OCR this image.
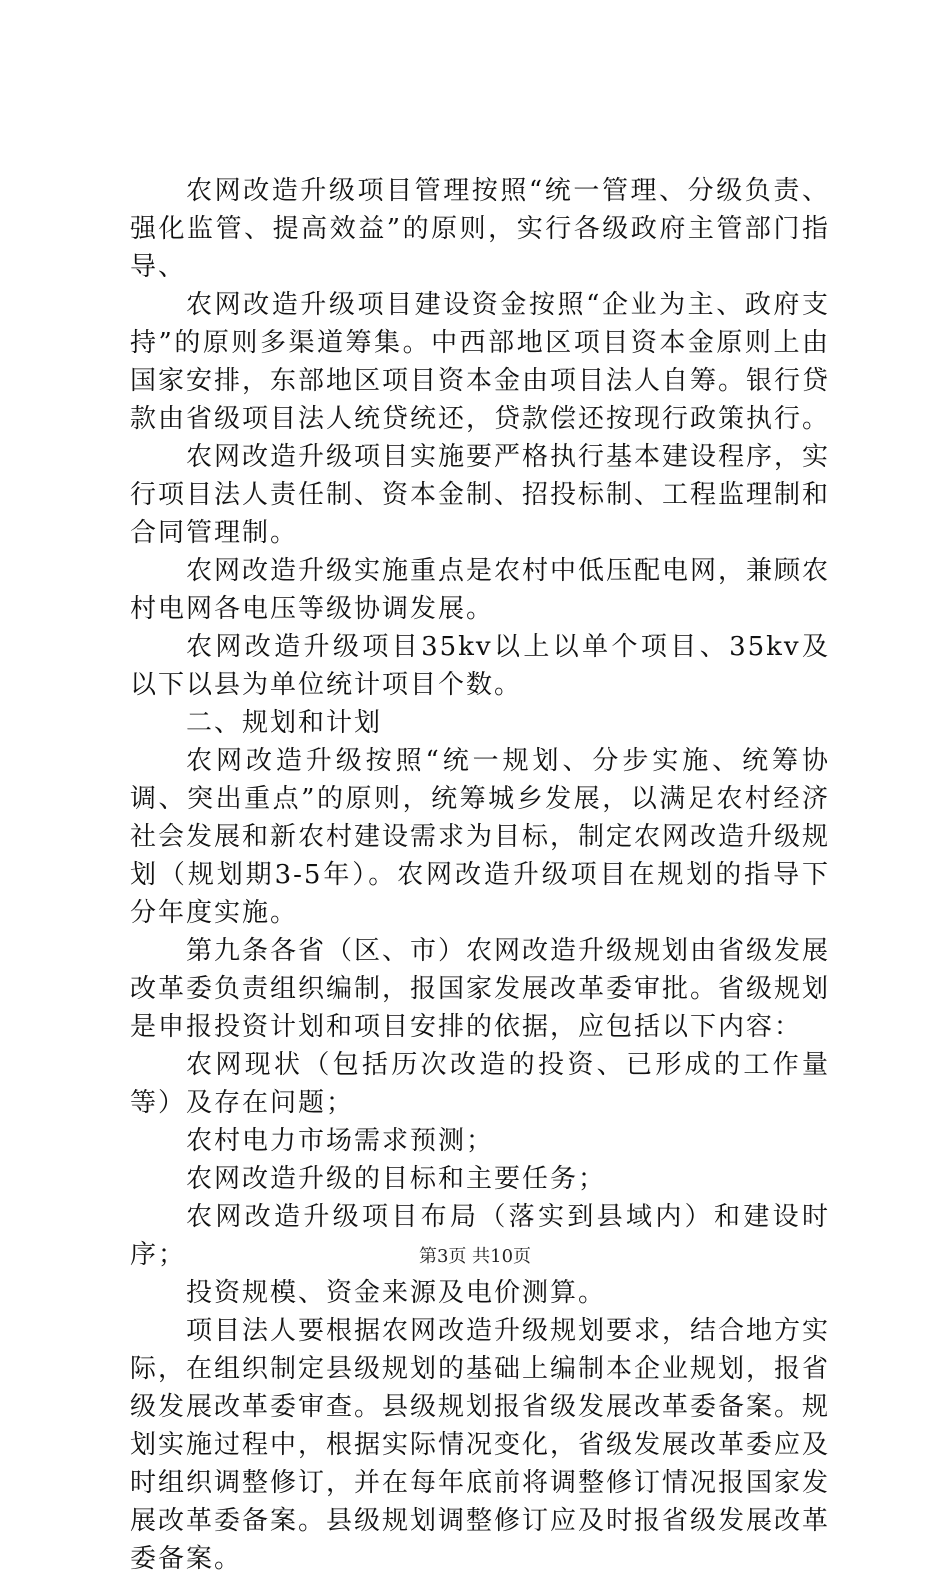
农网改造升级项目管理按照“统一管理、分级负责、强化监管、提高效益”的原则，实行各级政府主管部门指导、

农网改造升级项目建设资金按照“企业为主、政府支持”的原则多渠道筹集。中西部地区项目资本金原则上由国家安排，东部地区项目资本金由项目法人自筹。银行贷款由省级项目法人统贷统还，贷款偿还按现行政策执行。

农网改造升级项目实施要严格执行基本建设程序，实行项目法人责任制、资本金制、招投标制、工程监理制和合同管理制。

农网改造升级实施重点是农村中低压配电网，兼顾农村电网各电压等级协调发展。

农网改造升级项目35kv以上以单个项目、35kv及以下以县为单位统计项目个数。

二、规划和计划

农网改造升级按照“统一规划、分步实施、统筹协调、突出重点”的原则，统筹城乡发展，以满足农村经济社会发展和新农村建设需求为目标，制定农网改造升级规划（规划期3-5年）。农网改造升级项目在规划的指导下分年度实施。

第九条各省（区、市）农网改造升级规划由省级发展改革委负责组织编制，报国家发展改革委审批。省级规划是申报投资计划和项目安排的依据，应包括以下内容：

农网现状（包括历次改造的投资、已形成的工作量等）及存在问题；

农村电力市场需求预测；

农网改造升级的目标和主要任务；

农网改造升级项目布局（落实到县域内）和建设时序；

投资规模、资金来源及电价测算。

项目法人要根据农网改造升级规划要求，结合地方实际，在组织制定县级规划的基础上编制本企业规划，报省级发展改革委审查。县级规划报省级发展改革委备案。规划实施过程中，根据实际情况变化，省级发展改革委应及时组织调整修订，并在每年底前将调整修订情况报国家发展改革委备案。县级规划调整修订应及时报省级发展改革委备案。

第3页 共10页
